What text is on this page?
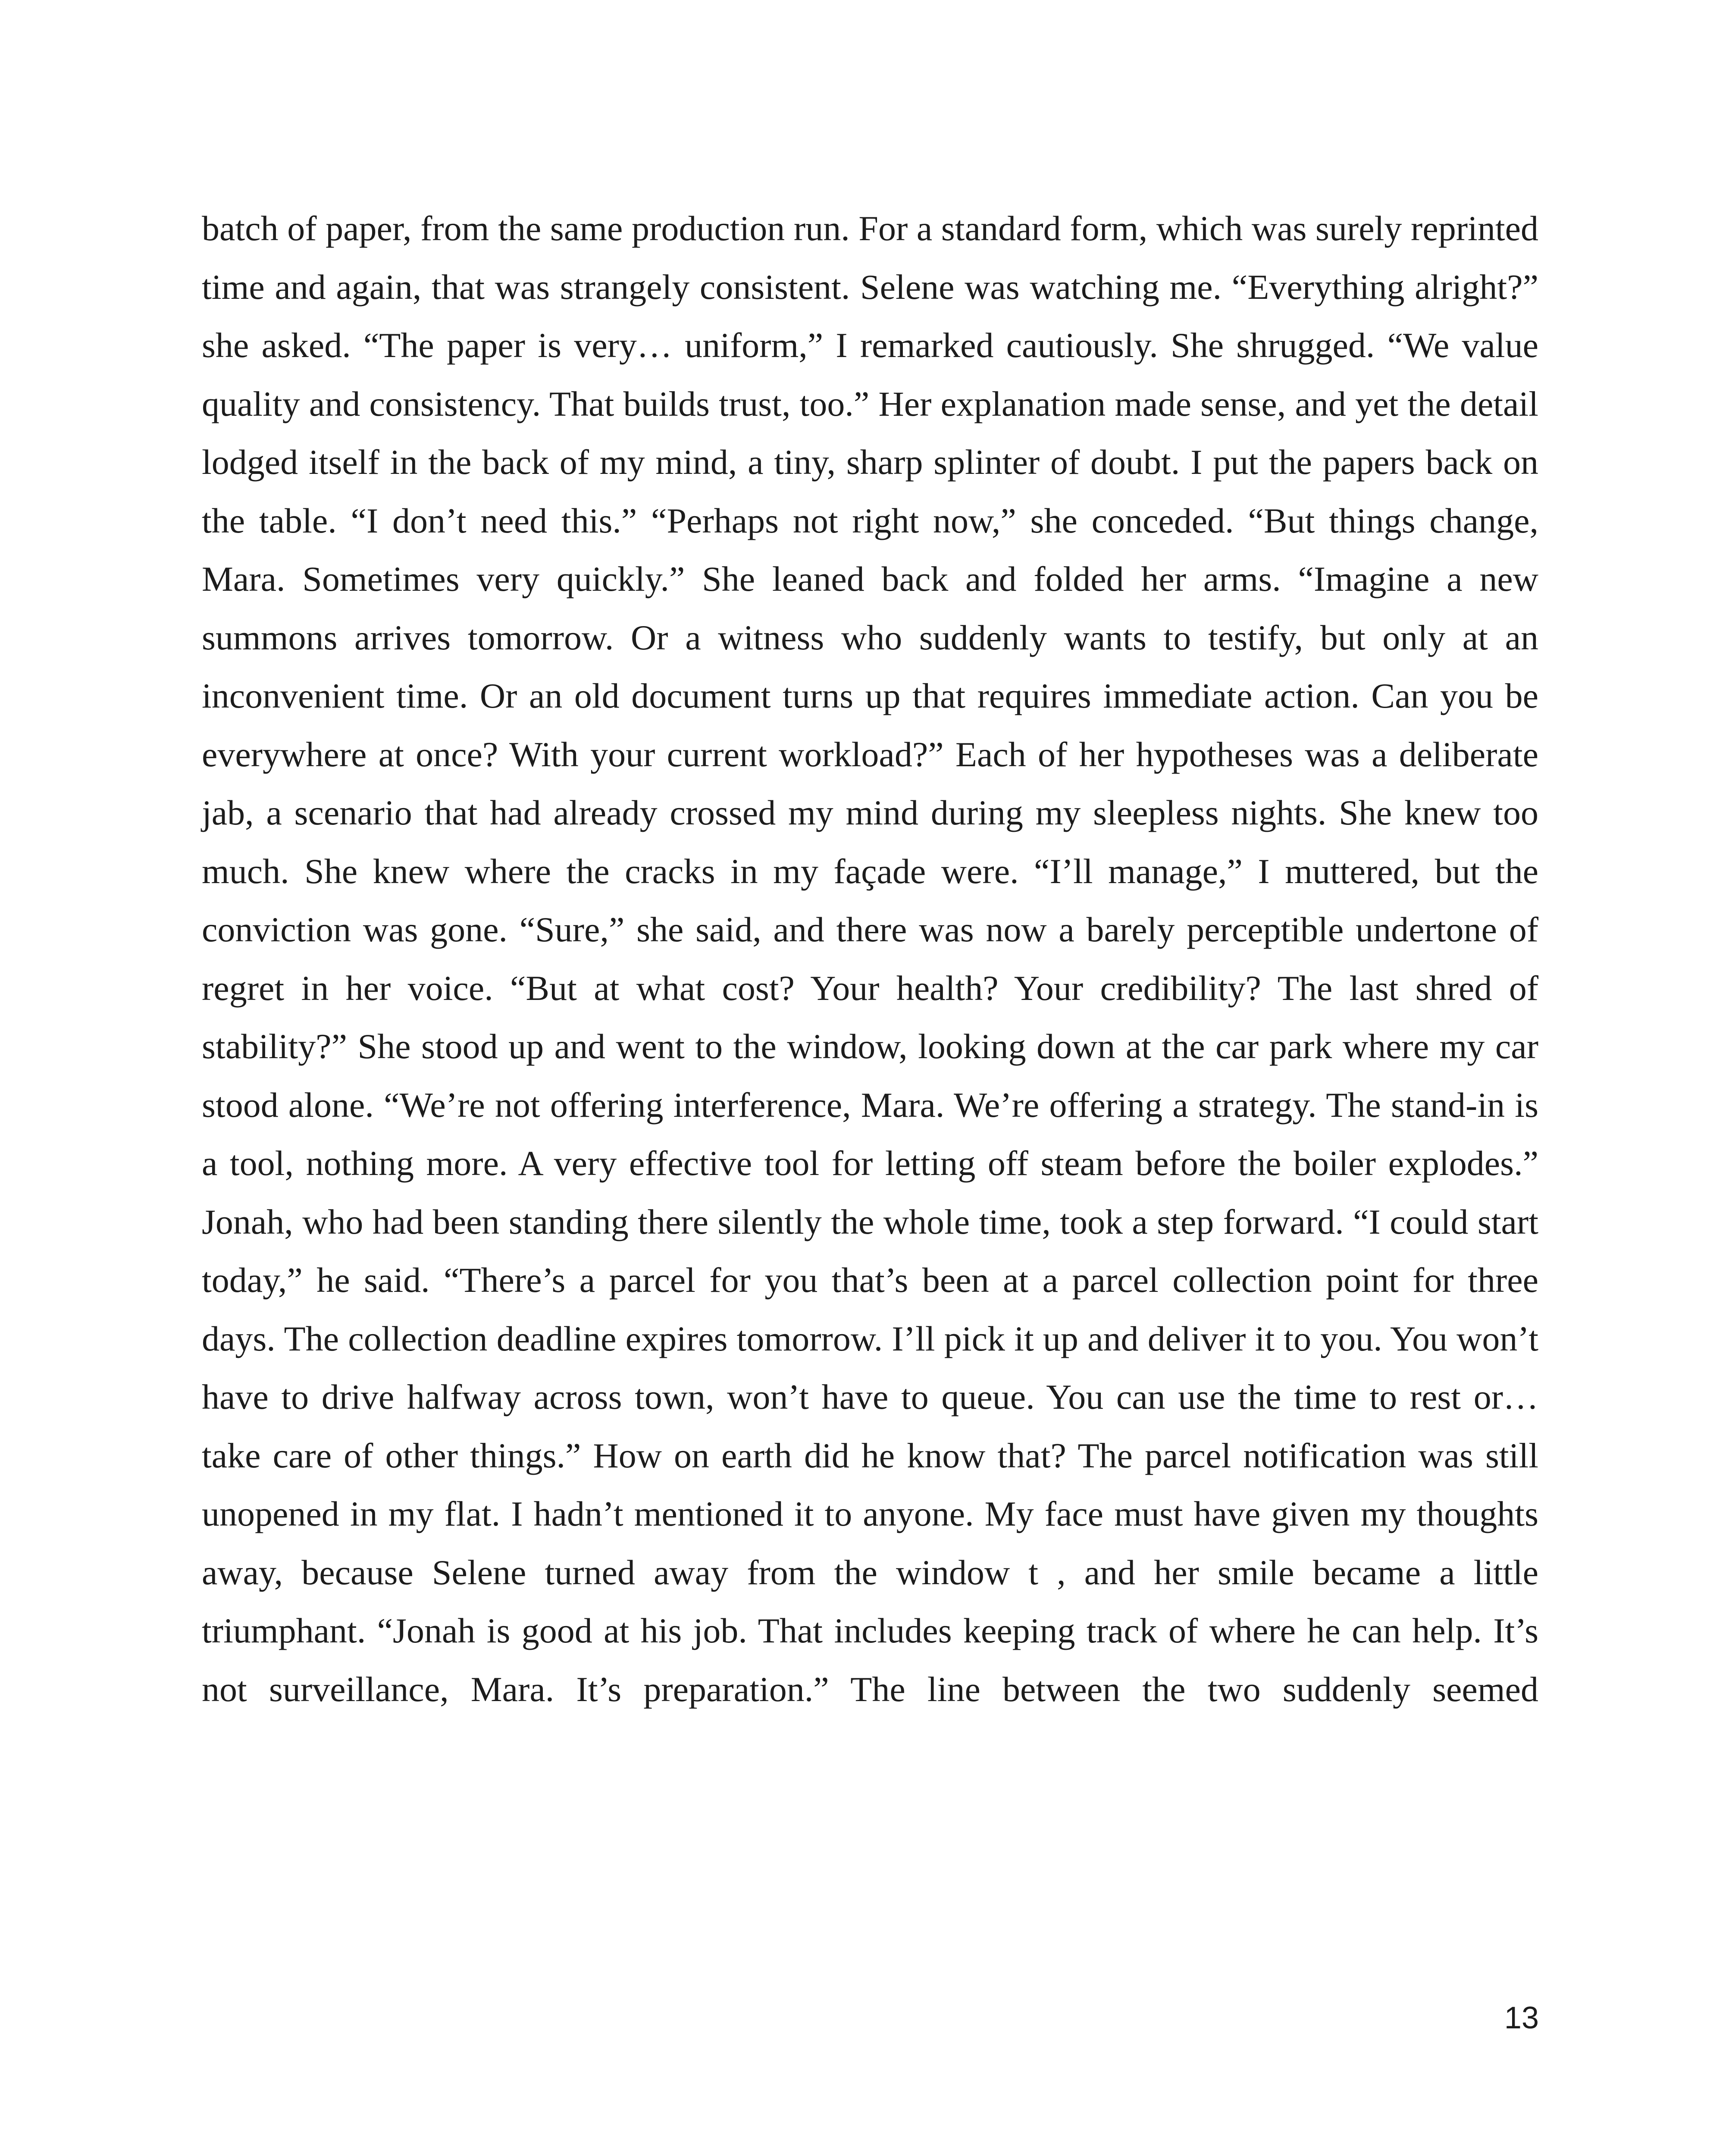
batch of paper, from the same production run. For a standard form, which was surely reprinted time and again, that was strangely consistent. Selene was watching me. “Everything alright?” she asked. “The paper is very… uniform,” I remarked cautiously. She shrugged. “We value quality and consistency. That builds trust, too.” Her explanation made sense, and yet the detail lodged itself in the back of my mind, a tiny, sharp splinter of doubt. I put the papers back on the table. “I don’t need this.” “Perhaps not right now,” she conceded. “But things change, Mara. Sometimes very quickly.” She leaned back and folded her arms. “Imagine a new summons arrives tomorrow. Or a witness who suddenly wants to testify, but only at an inconvenient time. Or an old document turns up that requires immediate action. Can you be everywhere at once? With your current workload?” Each of her hypotheses was a deliberate jab, a scenario that had already crossed my mind during my sleepless nights. She knew too much. She knew where the cracks in my façade were. “I’ll manage,” I muttered, but the conviction was gone. “Sure,” she said, and there was now a barely perceptible undertone of regret in her voice. “But at what cost? Your health? Your credibility? The last shred of stability?” She stood up and went to the window, looking down at the car park where my car stood alone. “We’re not offering interference, Mara. We’re offering a strategy. The stand-in is a tool, nothing more. A very effective tool for letting off steam before the boiler explodes.” Jonah, who had been standing there silently the whole time, took a step forward. “I could start today,” he said. “There’s a parcel for you that’s been at a parcel collection point for three days. The collection deadline expires tomorrow. I’ll pick it up and deliver it to you. You won’t have to drive halfway across town, won’t have to queue. You can use the time to rest or… take care of other things.” How on earth did he know that? The parcel notification was still unopened in my flat. I hadn’t mentioned it to anyone. My face must have given my thoughts away, because Selene turned away from the window t , and her smile became a little triumphant. “Jonah is good at his job. That includes keeping track of where he can help. It’s not surveillance, Mara. It’s preparation.” The line between the two suddenly seemed

13
